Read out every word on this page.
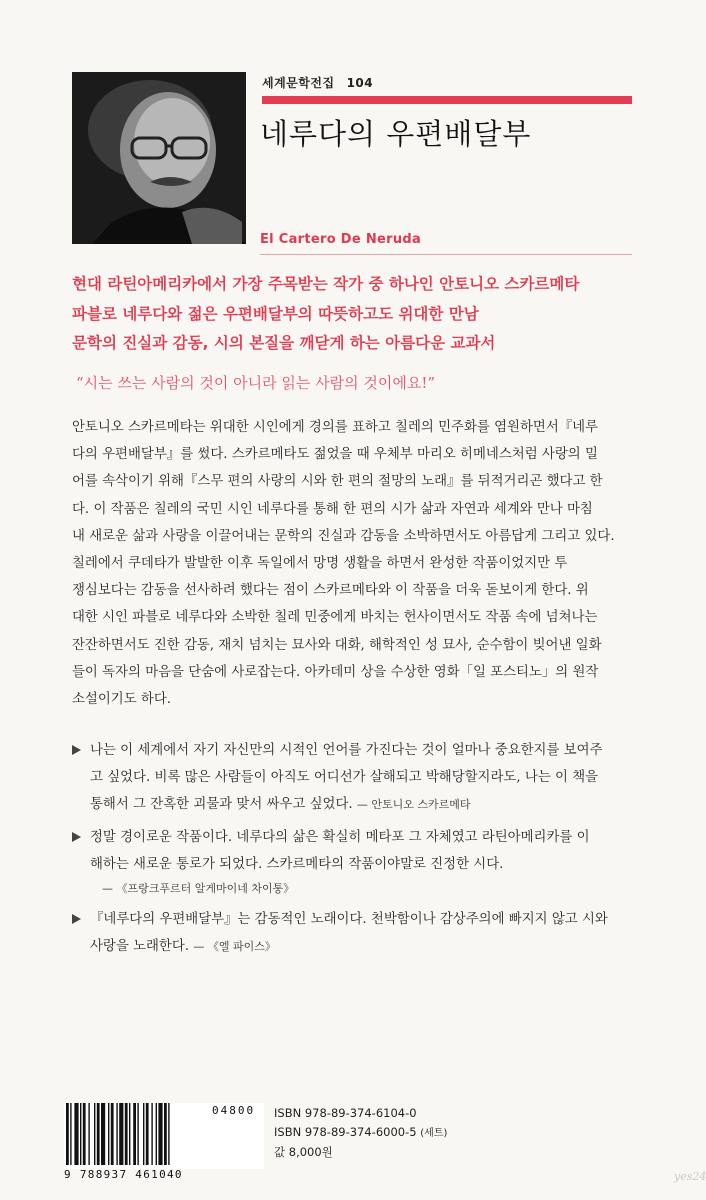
세계문학전집 104
네루다의 우편배달부
El Cartero De Neruda
현대 라틴아메리카에서 가장 주목받는 작가 중 하나인 안토니오 스카르메타
파블로 네루다와 젊은 우편배달부의 따뜻하고도 위대한 만남
문학의 진실과 감동, 시의 본질을 깨닫게 하는 아름다운 교과서
“시는 쓰는 사람의 것이 아니라 읽는 사람의 것이에요!”
안토니오 스카르메타는 위대한 시인에게 경의를 표하고 칠레의 민주화를 염원하면서『네루
다의 우편배달부』를 썼다. 스카르메타도 젊었을 때 우체부 마리오 히메네스처럼 사랑의 밀
어를 속삭이기 위해『스무 편의 사랑의 시와 한 편의 절망의 노래』를 뒤적거리곤 했다고 한
다. 이 작품은 칠레의 국민 시인 네루다를 통해 한 편의 시가 삶과 자연과 세계와 만나 마침
내 새로운 삶과 사랑을 이끌어내는 문학의 진실과 감동을 소박하면서도 아름답게 그리고 있다.
칠레에서 쿠데타가 발발한 이후 독일에서 망명 생활을 하면서 완성한 작품이었지만 투
쟁심보다는 감동을 선사하려 했다는 점이 스카르메타와 이 작품을 더욱 돋보이게 한다. 위
대한 시인 파블로 네루다와 소박한 칠레 민중에게 바치는 헌사이면서도 작품 속에 넘쳐나는
잔잔하면서도 진한 감동, 재치 넘치는 묘사와 대화, 해학적인 성 묘사, 순수함이 빚어낸 일화
들이 독자의 마음을 단숨에 사로잡는다. 아카데미 상을 수상한 영화「일 포스티노」의 원작
소설이기도 하다.
나는 이 세계에서 자기 자신만의 시적인 언어를 가진다는 것이 얼마나 중요한지를 보여주
고 싶었다. 비록 많은 사람들이 아직도 어디선가 살해되고 박해당할지라도, 나는 이 책을
통해서 그 잔혹한 괴물과 맞서 싸우고 싶었다. — 안토니오 스카르메타
정말 경이로운 작품이다. 네루다의 삶은 확실히 메타포 그 자체였고 라틴아메리카를 이
해하는 새로운 통로가 되었다. 스카르메타의 작품이야말로 진정한 시다.
— 《프랑크푸르터 알게마이네 차이퉁》
『네루다의 우편배달부』는 감동적인 노래이다. 천박함이나 감상주의에 빠지지 않고 시와
사랑을 노래한다. — 《엘 파이스》
04800
9 788937 461040
ISBN 978-89-374-6104-0
ISBN 978-89-374-6000-5 (세트)
값 8,000원
yes24
